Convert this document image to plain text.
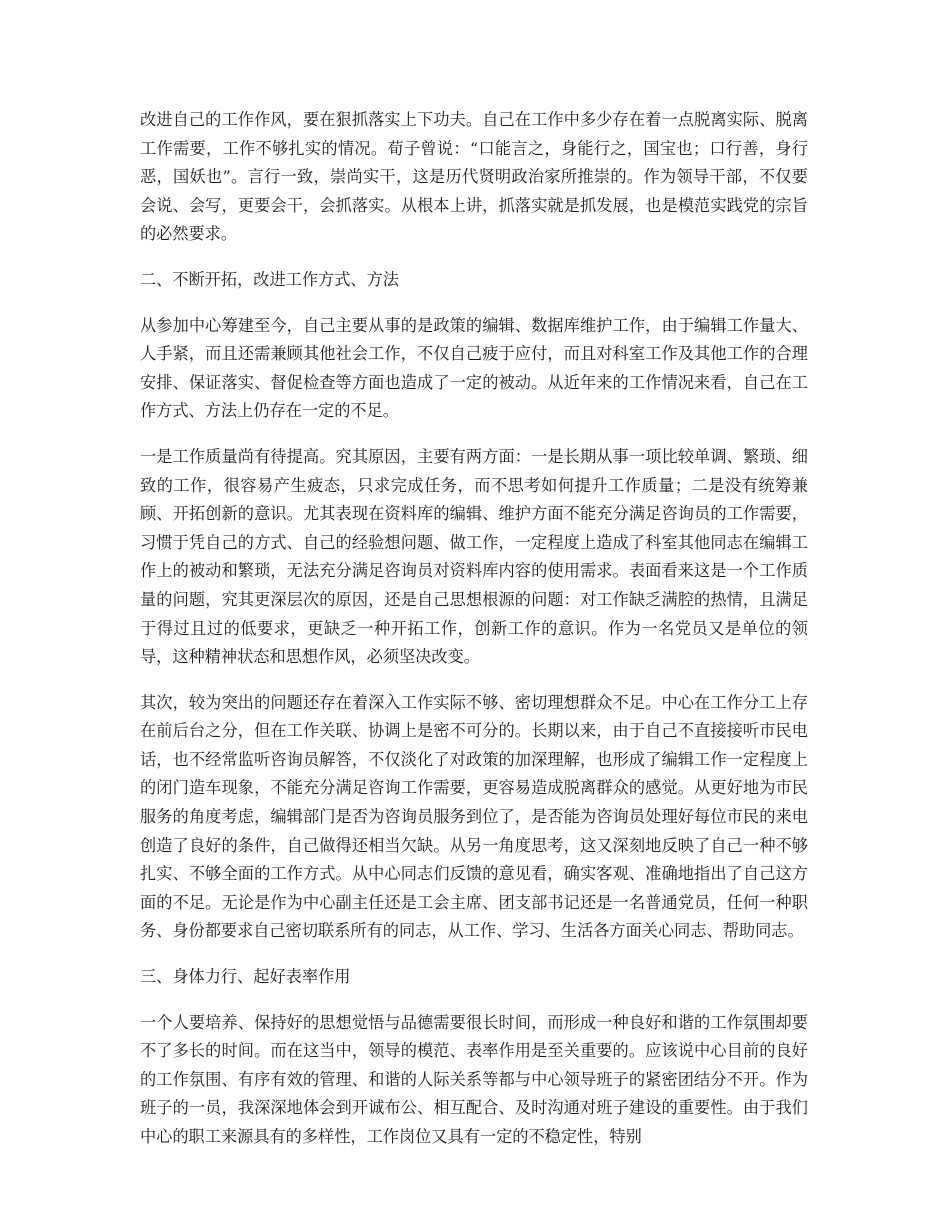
改进自己的工作作风，要在狠抓落实上下功夫。自己在工作中多少存在着一点脱离实际、脱离工作需要，工作不够扎实的情况。荀子曾说：“口能言之，身能行之，国宝也；口行善，身行恶，国妖也”。言行一致，崇尚实干，这是历代贤明政治家所推崇的。作为领导干部，不仅要会说、会写，更要会干，会抓落实。从根本上讲，抓落实就是抓发展，也是模范实践党的宗旨的必然要求。

二、不断开拓，改进工作方式、方法

从参加中心筹建至今，自己主要从事的是政策的编辑、数据库维护工作，由于编辑工作量大、人手紧，而且还需兼顾其他社会工作，不仅自己疲于应付，而且对科室工作及其他工作的合理安排、保证落实、督促检查等方面也造成了一定的被动。从近年来的工作情况来看，自己在工作方式、方法上仍存在一定的不足。

一是工作质量尚有待提高。究其原因，主要有两方面：一是长期从事一项比较单调、繁琐、细致的工作，很容易产生疲态，只求完成任务，而不思考如何提升工作质量；二是没有统筹兼顾、开拓创新的意识。尤其表现在资料库的编辑、维护方面不能充分满足咨询员的工作需要，习惯于凭自己的方式、自己的经验想问题、做工作，一定程度上造成了科室其他同志在编辑工作上的被动和繁琐，无法充分满足咨询员对资料库内容的使用需求。表面看来这是一个工作质量的问题，究其更深层次的原因，还是自己思想根源的问题：对工作缺乏满腔的热情，且满足于得过且过的低要求，更缺乏一种开拓工作，创新工作的意识。作为一名党员又是单位的领导，这种精神状态和思想作风，必须坚决改变。

其次，较为突出的问题还存在着深入工作实际不够、密切理想群众不足。中心在工作分工上存在前后台之分，但在工作关联、协调上是密不可分的。长期以来，由于自己不直接接听市民电话，也不经常监听咨询员解答，不仅淡化了对政策的加深理解，也形成了编辑工作一定程度上的闭门造车现象，不能充分满足咨询工作需要，更容易造成脱离群众的感觉。从更好地为市民服务的角度考虑，编辑部门是否为咨询员服务到位了，是否能为咨询员处理好每位市民的来电创造了良好的条件，自己做得还相当欠缺。从另一角度思考，这又深刻地反映了自己一种不够扎实、不够全面的工作方式。从中心同志们反馈的意见看，确实客观、准确地指出了自己这方面的不足。无论是作为中心副主任还是工会主席、团支部书记还是一名普通党员，任何一种职务、身份都要求自己密切联系所有的同志，从工作、学习、生活各方面关心同志、帮助同志。

三、身体力行、起好表率作用

一个人要培养、保持好的思想觉悟与品德需要很长时间，而形成一种良好和谐的工作氛围却要不了多长的时间。而在这当中，领导的模范、表率作用是至关重要的。应该说中心目前的良好的工作氛围、有序有效的管理、和谐的人际关系等都与中心领导班子的紧密团结分不开。作为班子的一员，我深深地体会到开诚布公、相互配合、及时沟通对班子建设的重要性。由于我们中心的职工来源具有的多样性，工作岗位又具有一定的不稳定性，特别
